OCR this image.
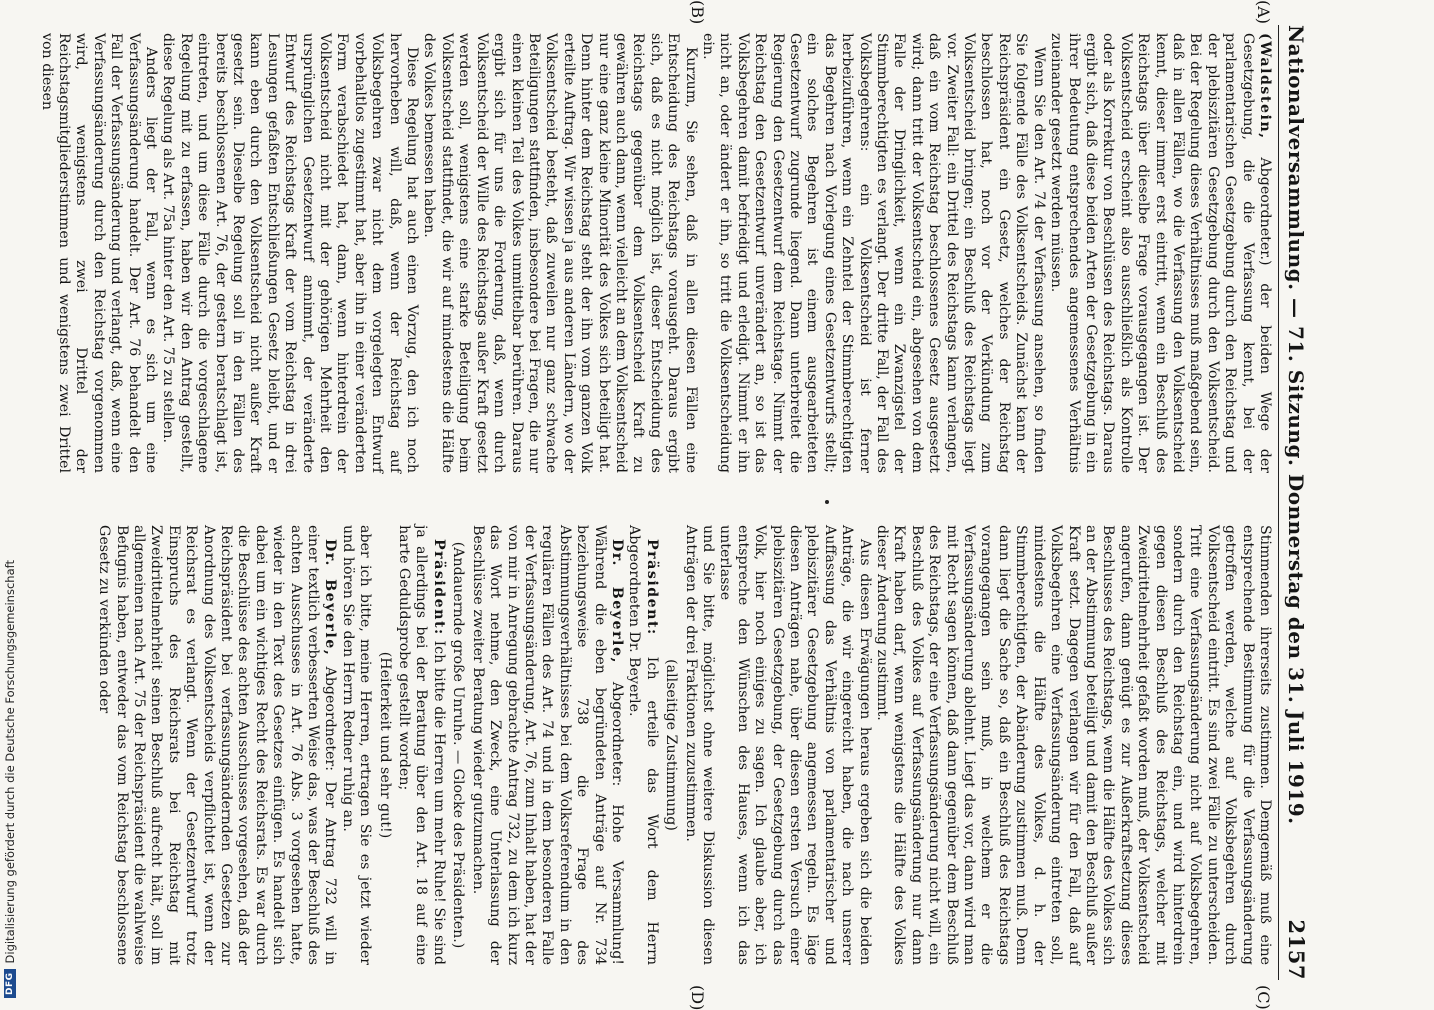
Nationalversammlung. — 71. Sitzung. Donnerstag den 31. Juli 1919.
2157
(A)
(B)
(C)
(D)

(Waldstein, Abgeordneter.) der beiden Wege der Gesetzgebung, die die Verfassung kennt, bei der parlamentarischen Gesetzgebung durch den Reichstag und der plebiszitären Gesetzgebung durch den Volksentscheid. Bei der Regelung dieses Verhältnisses muß maßgebend sein, daß in allen Fällen, wo die Verfassung den Volksentscheid kennt, dieser immer erst eintritt, wenn ein Beschluß des Reichstags über dieselbe Frage vorausgegangen ist. Der Volksentscheid erscheint also ausschließlich als Kontrolle oder als Korrektur von Beschlüssen des Reichstags. Daraus ergibt sich, daß diese beiden Arten der Gesetzgebung in ein ihrer Bedeutung entsprechendes angemessenes Verhältnis zueinander gesetzt werden müssen.

Wenn Sie den Art. 74 der Verfassung ansehen, so finden Sie folgende Fälle des Volksentscheids. Zunächst kann der Reichspräsident ein Gesetz, welches der Reichstag beschlossen hat, noch vor der Verkündung zum Volksentscheid bringen; ein Beschluß des Reichstags liegt vor. Zweiter Fall: ein Drittel des Reichstags kann verlangen, daß ein vom Reichstag beschlossenes Gesetz ausgesetzt wird; dann tritt der Volksentscheid ein, abgesehen von dem Falle der Dringlichkeit, wenn ein Zwanzigstel der Stimmberechtigten es verlangt. Der dritte Fall, der Fall des Volksbegehrens: ein Volksentscheid ist ferner herbeizuführen, wenn ein Zehntel der Stimmberechtigten das Begehren nach Vorlegung eines Gesetzentwurfs stellt; ein solches Begehren ist einem ausgearbeiteten Gesetzentwurf zugrunde liegend. Dann unterbreitet die Regierung den Gesetzentwurf dem Reichstage. Nimmt der Reichstag den Gesetzentwurf unverändert an, so ist das Volksbegehren damit befriedigt und erledigt. Nimmt er ihn nicht an, oder ändert er ihn, so tritt die Volksentscheidung ein.

Kurzum, Sie sehen, daß in allen diesen Fällen eine Entscheidung des Reichstags vorausgeht. Daraus ergibt sich, daß es nicht möglich ist, dieser Entscheidung des Reichstags gegenüber dem Volksentscheid Kraft zu gewähren auch dann, wenn vielleicht an dem Volksentscheid nur eine ganz kleine Minorität des Volkes sich beteiligt hat. Denn hinter dem Reichstag steht der ihn vom ganzen Volk erteilte Auftrag. Wir wissen ja aus anderen Ländern, wo der Volksentscheid besteht, daß zuweilen nur ganz schwache Beteiligungen stattfinden, insbesondere bei Fragen, die nur einen kleinen Teil des Volkes unmittelbar berühren. Daraus ergibt sich für uns die Forderung, daß, wenn durch Volksentscheid der Wille des Reichstags außer Kraft gesetzt werden soll, wenigstens eine starke Beteiligung beim Volksentscheid stattfindet, die wir auf mindestens die Hälfte des Volkes bemessen haben.

Diese Regelung hat auch einen Vorzug, den ich noch hervorheben will, daß, wenn der Reichstag auf Volksbegehren zwar nicht dem vorgelegten Entwurf vorbehaltlos zugestimmt hat, aber ihn in einer veränderten Form verabschiedet hat, dann, wenn hinterdrein der Volksentscheid nicht mit der gehörigen Mehrheit den ursprünglichen Gesetzentwurf annimmt, der veränderte Entwurf des Reichstags Kraft der vom Reichstag in drei Lesungen gefaßten Entschließungen Gesetz bleibt, und er kann eben durch den Volksentscheid nicht außer Kraft gesetzt sein. Dieselbe Regelung soll in den Fällen des bereits beschlossenen Art. 76, der gestern beratschlagt ist, eintreten, und um diese Fälle durch die vorgeschlagene Regelung mit zu erfassen, haben wir den Antrag gestellt, diese Regelung als Art. 75a hinter den Art. 75 zu stellen.

Anders liegt der Fall, wenn es sich um eine Verfassungsänderung handelt. Der Art. 76 behandelt den Fall der Verfassungsänderung und verlangt, daß, wenn eine Verfassungsänderung durch den Reichstag vorgenommen wird, wenigstens zwei Drittel der Reichstagsmitgliederstimmen und wenigstens zwei Drittel von diesen

Stimmenden ihrerseits zustimmen. Demgemäß muß eine entsprechende Bestimmung für die Verfassungsänderung getroffen werden, welche auf Volksbegehren durch Volksentscheid eintritt. Es sind zwei Fälle zu unterscheiden. Tritt eine Verfassungsänderung nicht auf Volksbegehren, sondern durch den Reichstag ein, und wird hinterdrein gegen diesen Beschluß des Reichstags, welcher mit Zweidrittelmehrheit gefaßt worden muß, der Volksentscheid angerufen, dann genügt es zur Außerkraftsetzung dieses Beschlusses des Reichstags, wenn die Hälfte des Volkes sich an der Abstimmung beteiligt und damit den Beschluß außer Kraft setzt. Dagegen verlangen wir für den Fall, daß auf Volksbegehren eine Verfassungsänderung eintreten soll, mindestens die Hälfte des Volkes, d. h. der Stimmberechtigten, der Abänderung zustimmen muß. Denn dann liegt die Sache so, daß ein Beschluß des Reichstags vorangegangen sein muß, in welchem er die Verfassungsänderung ablehnt. Liegt das vor, dann wird man mit Recht sagen können, daß dann gegenüber dem Beschluß des Reichstags, der eine Verfassungsänderung nicht will, ein Beschluß des Volkes auf Verfassungsänderung nur dann Kraft haben darf, wenn wenigstens die Hälfte des Volkes dieser Änderung zustimmt.

Aus diesen Erwägungen heraus ergeben sich die beiden Anträge, die wir eingereicht haben, die nach unserer Auffassung das Verhältnis von parlamentarischer und plebiszitärer Gesetzgebung angemessen regeln. Es läge diesen Anträgen nahe, über diesen ersten Versuch einer plebiszitären Gesetzgebung, der Gesetzgebung durch das Volk, hier noch einiges zu sagen. Ich glaube aber, ich entspreche den Wünschen des Hauses, wenn ich das unterlasse

und Sie bitte, möglichst ohne weitere Diskussion diesen Anträgen der drei Fraktionen zuzustimmen.

(allseitige Zustimmung)

Präsident: Ich erteile das Wort dem Herrn Abgeordneten Dr. Beyerle.

Dr. Beyerle, Abgeordneter: Hohe Versammlung! Während die eben begründeten Anträge auf Nr. 734 beziehungsweise 738 die Frage des Abstimmungsverhältnisses bei dem Volksreferendum in den regulären Fällen des Art. 74 und in dem besonderen Falle der Verfassungsänderung, Art. 76, zum Inhalt haben, hat der von mir in Anregung gebrachte Antrag 732, zu dem ich kurz das Wort nehme, den Zweck, eine Unterlassung der Beschlüsse zweiter Beratung wieder gutzumachen.

(Andauernde große Unruhe. — Glocke des Präsidenten.)

Präsident: Ich bitte die Herren um mehr Ruhe! Sie sind ja allerdings bei der Beratung über den Art. 18 auf eine harte Geduldsprobe gestellt worden;

(Heiterkeit und sehr gut!)

aber ich bitte, meine Herren, ertragen Sie es jetzt wieder und hören Sie den Herrn Redner ruhig an.

Dr. Beyerle, Abgeordneter: Der Antrag 732 will in einer textlich verbesserten Weise das, was der Beschluß des achten Ausschusses in Art. 76 Abs. 3 vorgesehen hatte, wieder in den Text des Gesetzes einfügen. Es handelt sich dabei um ein wichtiges Recht des Reichsrats. Es war durch die Beschlüsse des achten Ausschusses vorgesehen, daß der Reichspräsident bei verfassungsändernden Gesetzen zur Anordnung des Volksentscheids verpflichtet ist, wenn der Reichsrat es verlangt. Wenn der Gesetzentwurf trotz Einspruchs des Reichsrats bei Reichstag mit Zweidrittelmehrheit seinen Beschluß aufrecht hält, soll im allgemeinen nach Art. 75 der Reichspräsident die wahlweise Befugnis haben, entweder das vom Reichstag beschlossene Gesetz zu verkünden oder

DFG
Digitalisierung gefördert durch die Deutsche Forschungsgemeinschaft
